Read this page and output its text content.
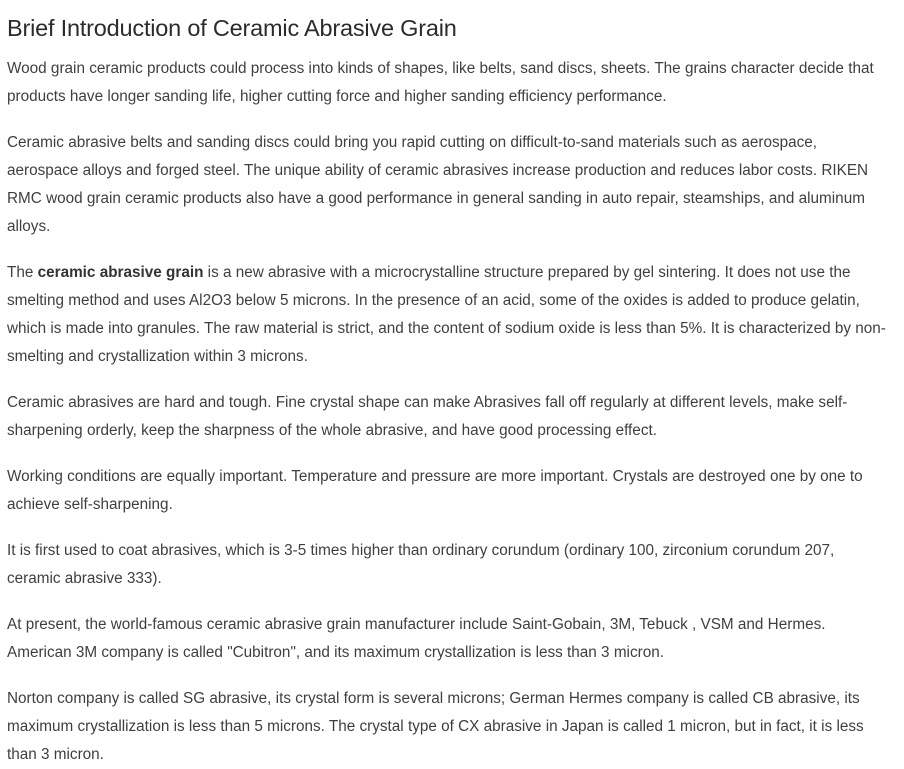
Brief Introduction of Ceramic Abrasive Grain

Wood grain ceramic products could process into kinds of shapes, like belts, sand discs, sheets. The grains character decide that products have longer sanding life, higher cutting force and higher sanding efficiency performance.

Ceramic abrasive belts and sanding discs could bring you rapid cutting on difficult-to-sand materials such as aerospace, aerospace alloys and forged steel. The unique ability of ceramic abrasives increase production and reduces labor costs. RIKEN RMC wood grain ceramic products also have a good performance in general sanding in auto repair, steamships, and aluminum alloys.

The ceramic abrasive grain is a new abrasive with a microcrystalline structure prepared by gel sintering. It does not use the smelting method and uses Al2O3 below 5 microns. In the presence of an acid, some of the oxides is added to produce gelatin, which is made into granules. The raw material is strict, and the content of sodium oxide is less than 5%. It is characterized by non-smelting and crystallization within 3 microns.

Ceramic abrasives are hard and tough. Fine crystal shape can make Abrasives fall off regularly at different levels, make self-sharpening orderly, keep the sharpness of the whole abrasive, and have good processing effect.

Working conditions are equally important. Temperature and pressure are more important. Crystals are destroyed one by one to achieve self-sharpening.

It is first used to coat abrasives, which is 3-5 times higher than ordinary corundum (ordinary 100, zirconium corundum 207, ceramic abrasive 333).

At present, the world-famous ceramic abrasive grain manufacturer include Saint-Gobain, 3M, Tebuck , VSM and Hermes. American 3M company is called "Cubitron", and its maximum crystallization is less than 3 micron.

Norton company is called SG abrasive, its crystal form is several microns; German Hermes company is called CB abrasive, its maximum crystallization is less than 5 microns. The crystal type of CX abrasive in Japan is called 1 micron, but in fact, it is less than 3 micron.
